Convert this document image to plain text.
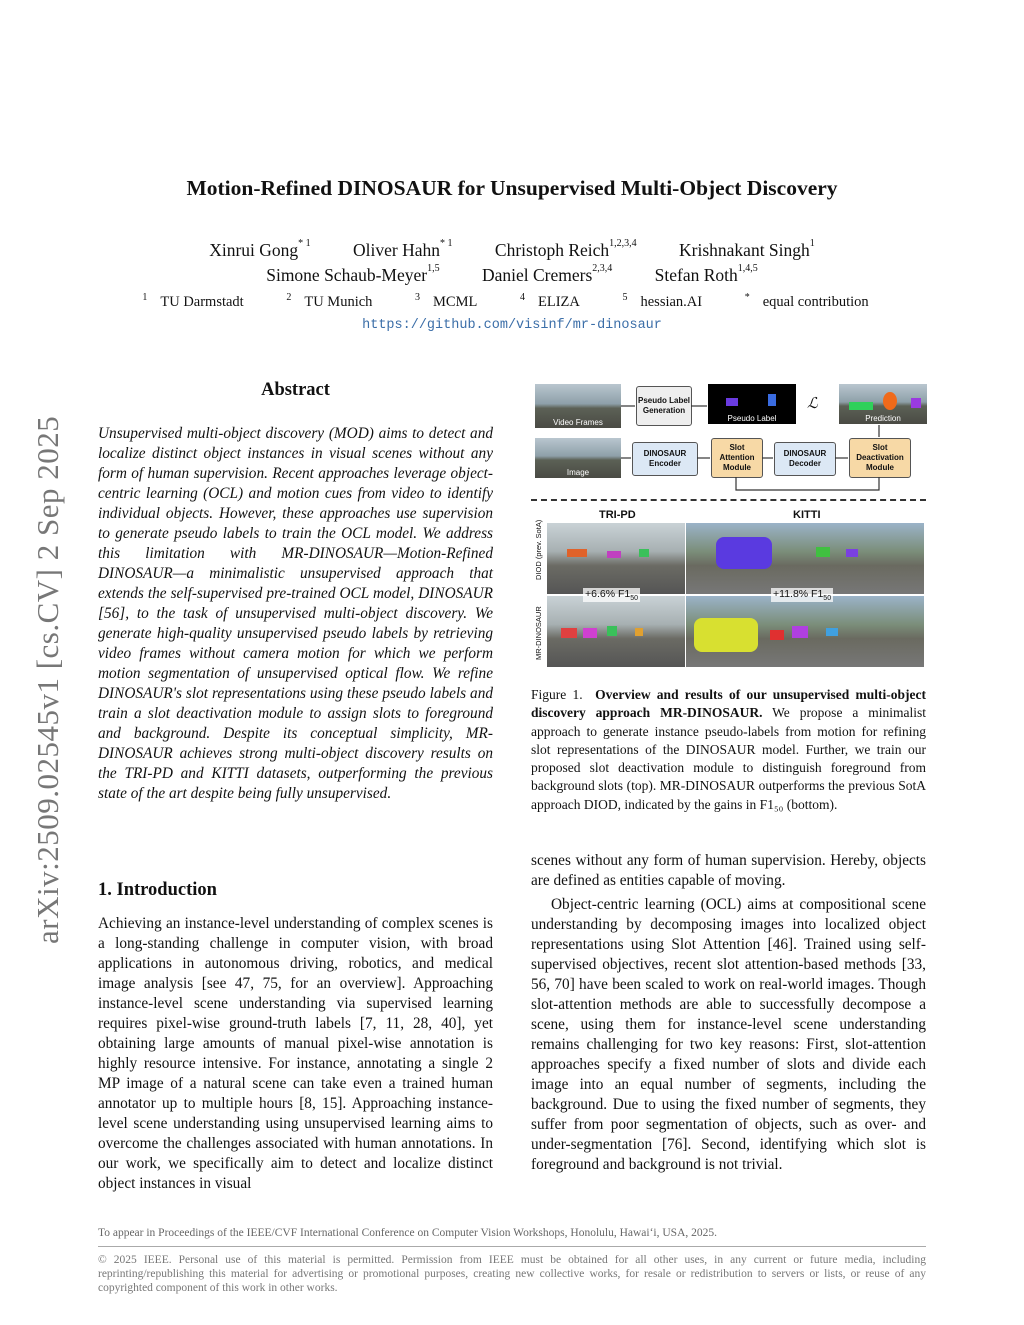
arXiv:2509.02545v1 [cs.CV] 2 Sep 2025
Motion-Refined DINOSAUR for Unsupervised Multi-Object Discovery
Xinrui Gong$^{* 1}$ Oliver Hahn$^{* 1}$ Christoph Reich$^{1,2,3,4}$ Krishnakant Singh$^1$
Simone Schaub-Meyer$^{1,5}$ Daniel Cremers$^{2,3,4}$ Stefan Roth$^{1,4,5}$
$^1$ TU Darmstadt	$^2$ TU Munich	$^3$ MCML	$^4$ ELIZA	$^5$ hessian.AI	* equal contribution
https://github.com/visinf/mr-dinosaur
Abstract

Unsupervised multi-object discovery (MOD) aims to detect and localize distinct object instances in visual scenes without any form of human supervision. Recent approaches leverage object-centric learning (OCL) and motion cues from video to identify individual objects. However, these approaches use supervision to generate pseudo labels to train the OCL model. We address this limitation with MR-DINOSAUR—Motion-Refined DINOSAUR—a minimalistic unsupervised approach that extends the self-supervised pre-trained OCL model, DINOSAUR [56], to the task of unsupervised multi-object discovery. We generate high-quality unsupervised pseudo labels by retrieving video frames without camera motion for which we perform motion segmentation of unsupervised optical flow. We refine DINOSAUR's slot representations using these pseudo labels and train a slot deactivation module to assign slots to foreground and background. Despite its conceptual simplicity, MR-DINOSAUR achieves strong multi-object discovery results on the TRI-PD and KITTI datasets, outperforming the previous state of the art despite being fully unsupervised.

1. Introduction

Achieving an instance-level understanding of complex scenes is a long-standing challenge in computer vision, with broad applications in autonomous driving, robotics, and medical image analysis [see 47, 75, for an overview]. Approaching instance-level scene understanding via supervised learning requires pixel-wise ground-truth labels [7, 11, 28, 40], yet obtaining large amounts of manual pixel-wise annotation is highly resource intensive. For instance, annotating a single 2 MP image of a natural scene can take even a trained human annotator up to multiple hours [8, 15]. Approaching instance-level scene understanding using unsupervised learning aims to overcome the challenges associated with human annotations. In our work, we specifically aim to detect and localize distinct object instances in visual

scenes without any form of human supervision. Hereby, objects are defined as entities capable of moving.

Object-centric learning (OCL) aims at compositional scene understanding by decomposing images into localized object representations using Slot Attention [46]. Trained using self-supervised objectives, recent slot attention-based methods [33, 56, 70] have been scaled to work on real-world images. Though slot-attention methods are able to successfully decompose a scene, using them for instance-level scene understanding remains challenging for two key reasons: First, slot-attention approaches specify a fixed number of slots and divide each image into an equal number of segments, including the background. Due to using the fixed number of segments, they suffer from poor segmentation of objects, such as over- and under-segmentation [76]. Second, identifying which slot is foreground and background is not trivial.

Video Frames
Pseudo Label Generation
Pseudo Label
ℒ
Prediction
Image
DINOSAUR Encoder
Slot Attention Module
DINOSAUR Decoder
Slot Deactivation Module
TRI-PD	KITTI
DIOD (prev. SotA)
MR-DINOSAUR
+6.6% $F1_{50}$	+11.8% $F1_{50}$
Figure 1. Overview and results of our unsupervised multi-object discovery approach MR-DINOSAUR. We propose a minimalist approach to generate instance pseudo-labels from motion for refining slot representations of the DINOSAUR model. Further, we train our proposed slot deactivation module to distinguish foreground from background slots (top). MR-DINOSAUR outperforms the previous SotA approach DIOD, indicated by the gains in F1₅₀ (bottom).
To appear in Proceedings of the IEEE/CVF International Conference on Computer Vision Workshops, Honolulu, Hawaiʻi, USA, 2025.
© 2025 IEEE. Personal use of this material is permitted. Permission from IEEE must be obtained for all other uses, in any current or future media, including reprinting/republishing this material for advertising or promotional purposes, creating new collective works, for resale or redistribution to servers or lists, or reuse of any copyrighted component of this work in other works.
